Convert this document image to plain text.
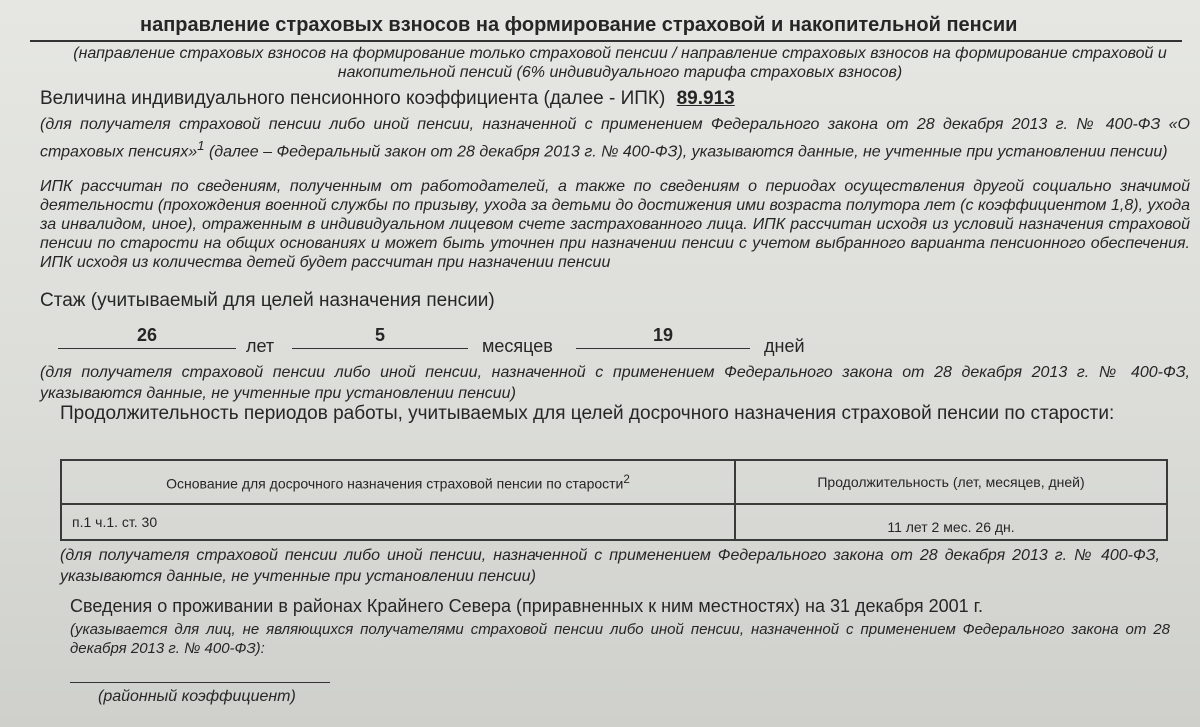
направление страховых взносов на формирование страховой и накопительной пенсии
(направление страховых взносов на формирование только страховой пенсии / направление страховых взносов на формирование страховой и накопительной пенсий (6% индивидуального тарифа страховых взносов)
Величина индивидуального пенсионного коэффициента (далее - ИПК) 89.913
(для получателя страховой пенсии либо иной пенсии, назначенной с применением Федерального закона от 28 декабря 2013 г. № 400-ФЗ «О страховых пенсиях»$^1$ (далее – Федеральный закон от 28 декабря 2013 г. № 400-ФЗ), указываются данные, не учтенные при установлении пенсии)
ИПК рассчитан по сведениям, полученным от работодателей, а также по сведениям о периодах осуществления другой социально значимой деятельности (прохождения военной службы по призыву, ухода за детьми до достижения ими возраста полутора лет (с коэффициентом 1,8), ухода за инвалидом, иное), отраженным в индивидуальном лицевом счете застрахованного лица. ИПК рассчитан исходя из условий назначения страховой пенсии по старости на общих основаниях и может быть уточнен при назначении пенсии с учетом выбранного варианта пенсионного обеспечения. ИПК исходя из количества детей будет рассчитан при назначении пенсии
Стаж (учитываемый для целей назначения пенсии)
26
лет
5
месяцев
19
дней
(для получателя страховой пенсии либо иной пенсии, назначенной с применением Федерального закона от 28 декабря 2013 г. № 400-ФЗ, указываются данные, не учтенные при установлении пенсии)
Продолжительность периодов работы, учитываемых для целей досрочного назначения страховой пенсии по старости:
Основание для досрочного назначения страховой пенсии по старости$^2$	Продолжительность (лет, месяцев, дней)
п.1 ч.1. ст. 30	11 лет 2 мес. 26 дн.
(для получателя страховой пенсии либо иной пенсии, назначенной с применением Федерального закона от 28 декабря 2013 г. № 400-ФЗ, указываются данные, не учтенные при установлении пенсии)
Сведения о проживании в районах Крайнего Севера (приравненных к ним местностях) на 31 декабря 2001 г.
(указывается для лиц, не являющихся получателями страховой пенсии либо иной пенсии, назначенной с применением Федерального закона от 28 декабря 2013 г. № 400-ФЗ):
(районный коэффициент)
